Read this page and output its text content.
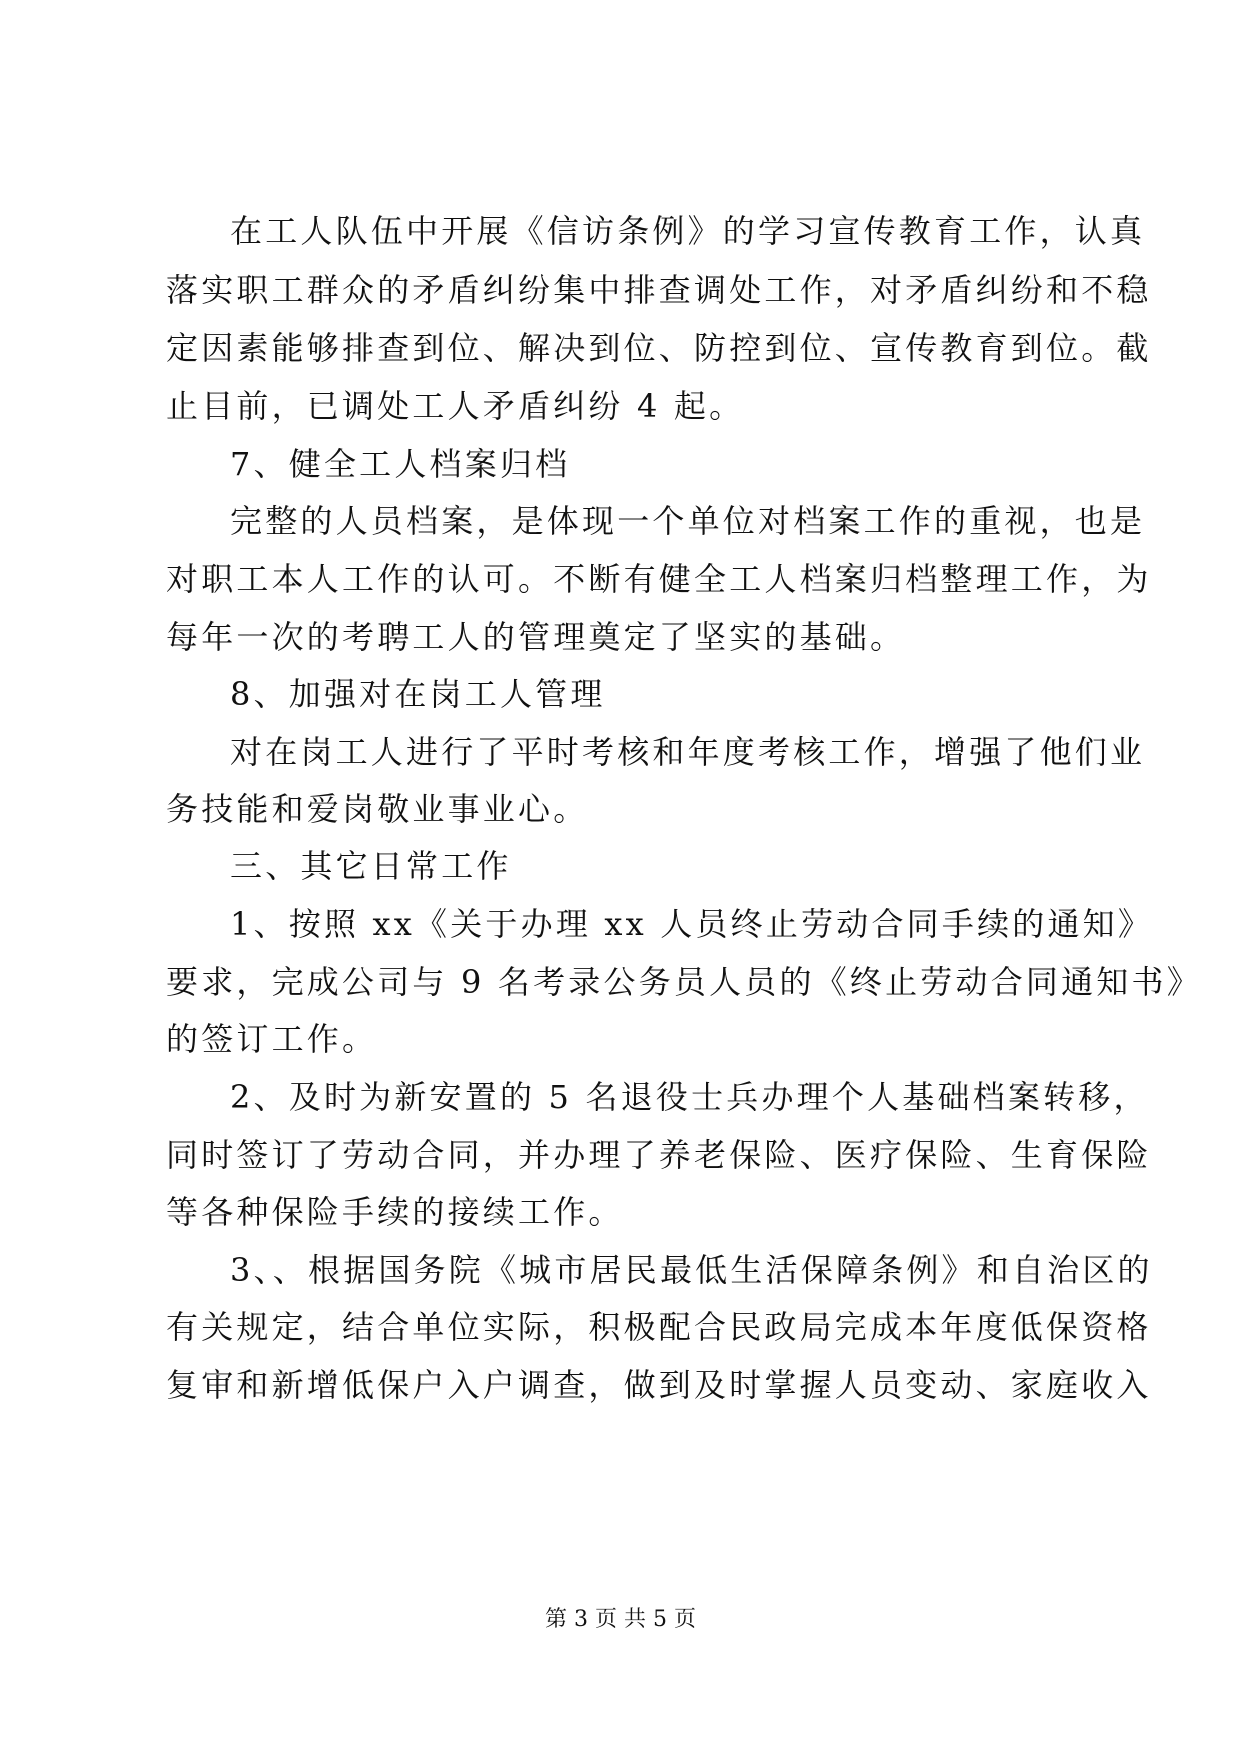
在工人队伍中开展《信访条例》的学习宣传教育工作，认真
落实职工群众的矛盾纠纷集中排查调处工作，对矛盾纠纷和不稳
定因素能够排查到位、解决到位、防控到位、宣传教育到位。截
止目前，已调处工人矛盾纠纷 4 起。
7、健全工人档案归档
完整的人员档案，是体现一个单位对档案工作的重视，也是
对职工本人工作的认可。不断有健全工人档案归档整理工作，为
每年一次的考聘工人的管理奠定了坚实的基础。
8、加强对在岗工人管理
对在岗工人进行了平时考核和年度考核工作，增强了他们业
务技能和爱岗敬业事业心。
三、其它日常工作
1、按照 xx《关于办理 xx 人员终止劳动合同手续的通知》
要求，完成公司与 9 名考录公务员人员的《终止劳动合同通知书》
的签订工作。
2、及时为新安置的 5 名退役士兵办理个人基础档案转移，
同时签订了劳动合同，并办理了养老保险、医疗保险、生育保险
等各种保险手续的接续工作。
3、、根据国务院《城市居民最低生活保障条例》和自治区的
有关规定，结合单位实际，积极配合民政局完成本年度低保资格
复审和新增低保户入户调查，做到及时掌握人员变动、家庭收入
第 3 页 共 5 页
